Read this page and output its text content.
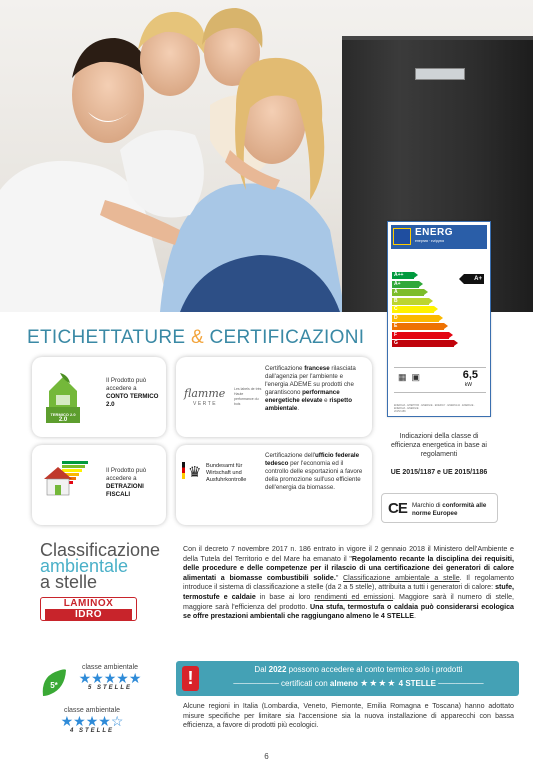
ENERG
енергия · ενέργεια
A++
A+
A
B
C
D
E
F
G
A+
▦▣	6,5
kW
ENERGIA · ЕНЕРГИЯ · ENERGIE · ENERGY · ENERGIJA · ENERGIE · ENERGIA · ENERGIE
2015/1186
Indicazioni della classe di efficienza energetica in base ai regolamenti
UE 2015/1187 e UE 2015/1186
CE Marchio di conformità alle norme Europee
ETICHETTATURE & CERTIFICAZIONI
2.0
TERMICO 2.0
Il Prodotto può accedere a
CONTO TERMICO 2.0
flamme
VERTE
Les labels de très Haute performance du bois
Certificazione francese rilasciata dall'agenzia per l'ambiente e l'energia ADEME su prodotti che garantiscono performance energetiche elevate e rispetto ambientale.
Il Prodotto può accedere a
DETRAZIONI FISCALI
♛ Bundesamt für Wirtschaft und Ausfuhrkontrolle
Certificazione dell'ufficio federale tedesco per l'economia ed il controllo delle esportazioni a favore della promozione sull'uso efficiente dell'energia da biomasse.
Classificazione
ambientale
a stelle
LAMINOX
IDRO
5*
classe ambientale
★★★★★
5 STELLE
classe ambientale
★★★★☆
4 STELLE
Con il decreto 7 novembre 2017 n. 186 entrato in vigore il 2 gennaio 2018 il Ministero dell'Ambiente e della Tutela del Territorio e del Mare ha emanato il "Regolamento recante la disciplina dei requisiti, delle procedure e delle competenze per il rilascio di una certificazione dei generatori di calore alimentati a biomasse combustibili solide." Classificazione ambientale a stelle. Il regolamento introduce il sistema di classificazione a stelle (da 2 a 5 stelle), attribuita a tutti i generatori di calore: stufe, termostufe e caldaie in base ai loro rendimenti ed emissioni. Maggiore sarà il numero di stelle, maggiore sarà l'efficienza del prodotto. Una stufa, termostufa o caldaia può considerarsi ecologica se offre prestazioni ambientali che raggiungano almeno le 4 STELLE.
!	Dal 2022 possono accedere al conto termico solo i prodotti
──────── certificati con almeno ★★★★ 4 STELLE ────────
Alcune regioni in Italia (Lombardia, Veneto, Piemonte, Emilia Romagna e Toscana) hanno adottato misure specifiche per limitare sia l'accensione sia la nuova installazione di apparecchi con bassa efficienza, a favore di prodotti più ecologici.
6
